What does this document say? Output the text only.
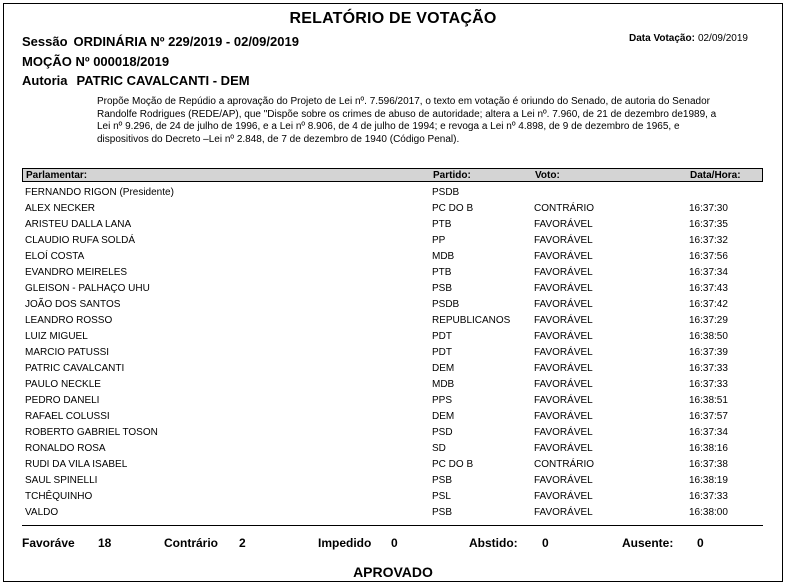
RELATÓRIO DE VOTAÇÃO
Sessão ORDINÁRIA Nº 229/2019 - 02/09/2019	Data Votação: 02/09/2019
MOÇÃO Nº 000018/2019
Autoria PATRIC CAVALCANTI - DEM
Propõe Moção de Repúdio a aprovação do Projeto de Lei nº. 7.596/2017, o texto em votação é oriundo do Senado, de autoria do Senador
Randolfe Rodrigues (REDE/AP), que "Dispõe sobre os crimes de abuso de autoridade; altera a Lei nº. 7.960, de 21 de dezembro de1989, a
Lei nº 9.296, de 24 de julho de 1996, e a Lei nº 8.906, de 4 de julho de 1994; e revoga a Lei nº 4.898, de 9 de dezembro de 1965, e
dispositivos do Decreto –Lei nº 2.848, de 7 de dezembro de 1940 (Código Penal).
Parlamentar:	Partido:	Voto:	Data/Hora:
FERNANDO RIGON (Presidente)	PSDB
ALEX NECKER	PC DO B	CONTRÁRIO	16:37:30
ARISTEU DALLA LANA	PTB	FAVORÁVEL	16:37:35
CLAUDIO RUFA SOLDÁ	PP	FAVORÁVEL	16:37:32
ELOÍ COSTA	MDB	FAVORÁVEL	16:37:56
EVANDRO MEIRELES	PTB	FAVORÁVEL	16:37:34
GLEISON - PALHAÇO UHU	PSB	FAVORÁVEL	16:37:43
JOÃO DOS SANTOS	PSDB	FAVORÁVEL	16:37:42
LEANDRO ROSSO	REPUBLICANOS FAVORÁVEL	16:37:29
LUIZ MIGUEL	PDT	FAVORÁVEL	16:38:50
MARCIO PATUSSI	PDT	FAVORÁVEL	16:37:39
PATRIC CAVALCANTI	DEM	FAVORÁVEL	16:37:33
PAULO NECKLE	MDB	FAVORÁVEL	16:37:33
PEDRO DANELI	PPS	FAVORÁVEL	16:38:51
RAFAEL COLUSSI	DEM	FAVORÁVEL	16:37:57
ROBERTO GABRIEL TOSON	PSD	FAVORÁVEL	16:37:34
RONALDO ROSA	SD	FAVORÁVEL	16:38:16
RUDI DA VILA ISABEL	PC DO B	CONTRÁRIO	16:37:38
SAUL SPINELLI	PSB	FAVORÁVEL	16:38:19
TCHÊQUINHO	PSL	FAVORÁVEL	16:37:33
VALDO	PSB	FAVORÁVEL	16:38:00
Favoráve 18	Contrário 2	Impedido 0	Abstido: 0	Ausente: 0
APROVADO
